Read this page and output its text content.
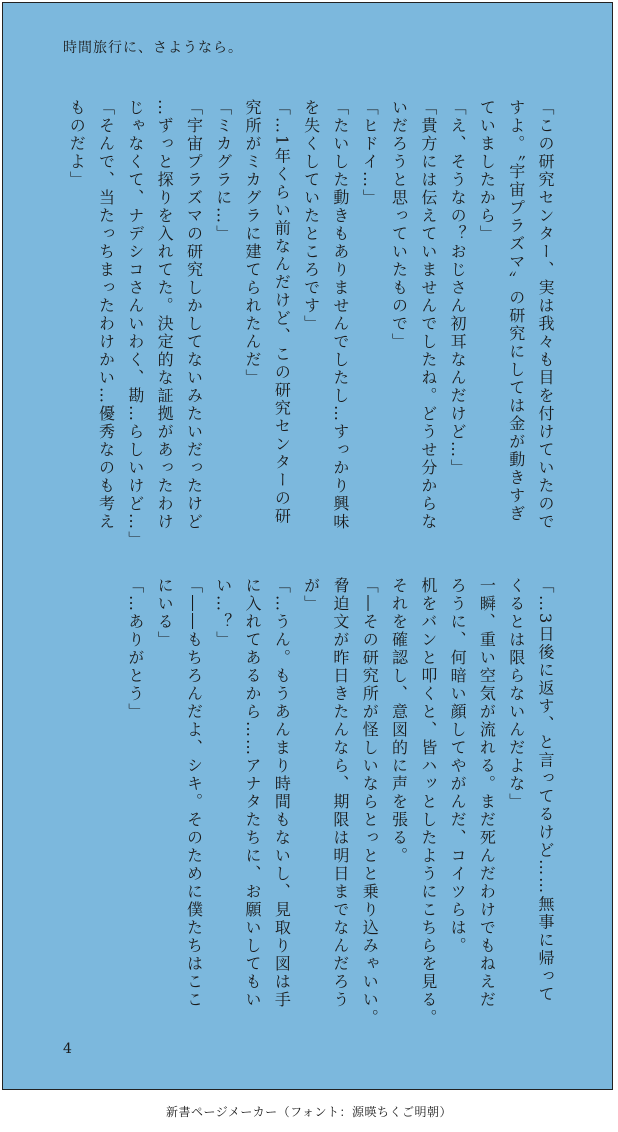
時間旅行に、さようなら。
「この研究センター、実は我々も目を付けていたので
すよ。〝宇宙プラズマ〟の研究にしては金が動きすぎ
ていましたから」
「え、そうなの？おじさん初耳なんだけど…」
「貴方には伝えていませんでしたね。どうせ分からな
いだろうと思っていたもので」
「ヒドイ…」
「たいした動きもありませんでしたし…すっかり興味
を失くしていたところです」
「…1年くらい前なんだけど、この研究センターの研
究所がミカグラに建てられたんだ」
「ミカグラに…」
「宇宙プラズマの研究しかしてないみたいだったけど
…ずっと探りを入れてた。決定的な証拠があったわけ
じゃなくて、ナデシコさんいわく、勘…らしいけど…」
「そんで、当たっちまったわけかい…優秀なのも考え
ものだよ」
「…3日後に返す、と言ってるけど……無事に帰って
くるとは限らないんだよな」
一瞬、重い空気が流れる。まだ死んだわけでもねえだ
ろうに、何暗い顔してやがんだ、コイツらは。
机をバンと叩くと、皆ハッとしたようにこちらを見る。
それを確認し、意図的に声を張る。
「―その研究所が怪しいならとっとと乗り込みゃいい。
脅迫文が昨日きたんなら、期限は明日までなんだろう
が」
「…うん。もうあんまり時間もないし、見取り図は手
に入れてあるから……アナタたちに、お願いしてもい
い…？」
「――もちろんだよ、シキ。そのために僕たちはここ
にいる」
「…ありがとう」
4
新書ページメーカー（フォント：源暎ちくご明朝）
